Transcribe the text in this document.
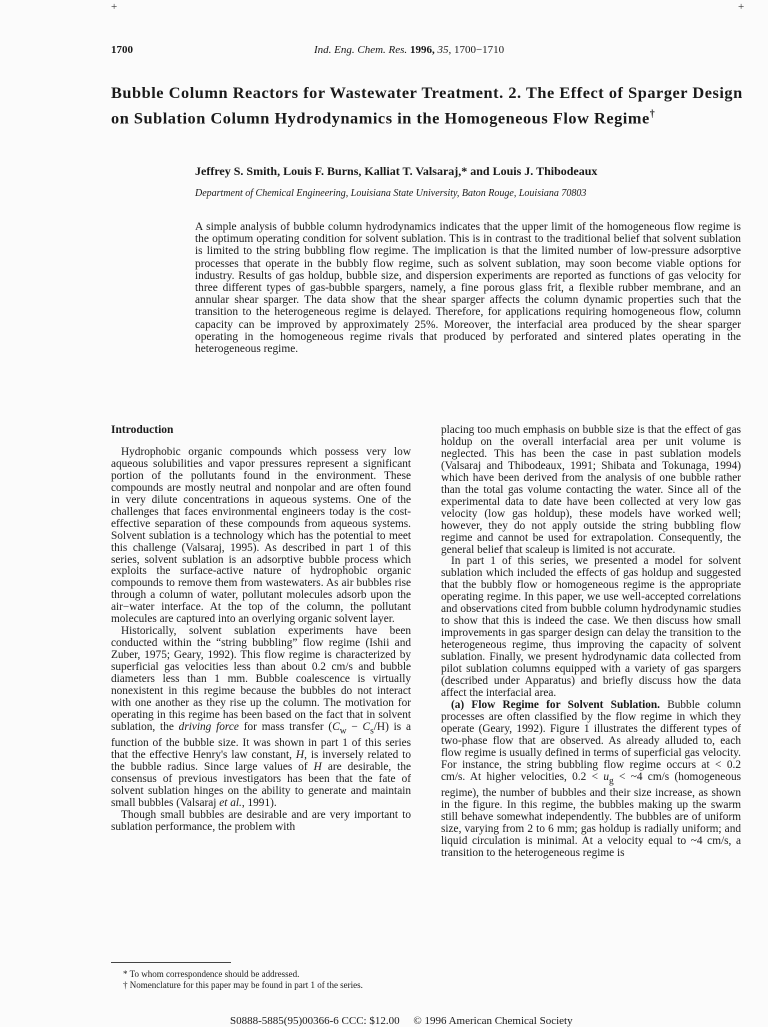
+	+
1700	Ind. Eng. Chem. Res. 1996, 35, 1700−1710
Bubble Column Reactors for Wastewater Treatment. 2. The Effect of Sparger Design on Sublation Column Hydrodynamics in the Homogeneous Flow Regime†
Jeffrey S. Smith, Louis F. Burns, Kalliat T. Valsaraj,* and Louis J. Thibodeaux
Department of Chemical Engineering, Louisiana State University, Baton Rouge, Louisiana 70803

A simple analysis of bubble column hydrodynamics indicates that the upper limit of the homogeneous flow regime is the optimum operating condition for solvent sublation. This is in contrast to the traditional belief that solvent sublation is limited to the string bubbling flow regime. The implication is that the limited number of low-pressure adsorptive processes that operate in the bubbly flow regime, such as solvent sublation, may soon become viable options for industry. Results of gas holdup, bubble size, and dispersion experiments are reported as functions of gas velocity for three different types of gas-bubble spargers, namely, a fine porous glass frit, a flexible rubber membrane, and an annular shear sparger. The data show that the shear sparger affects the column dynamic properties such that the transition to the heterogeneous regime is delayed. Therefore, for applications requiring homogeneous flow, column capacity can be improved by approximately 25%. Moreover, the interfacial area produced by the shear sparger operating in the homogeneous regime rivals that produced by perforated and sintered plates operating in the heterogeneous regime.

Introduction

Hydrophobic organic compounds which possess very low aqueous solubilities and vapor pressures represent a significant portion of the pollutants found in the environment. These compounds are mostly neutral and nonpolar and are often found in very dilute concentrations in aqueous systems. One of the challenges that faces environmental engineers today is the cost-effective separation of these compounds from aqueous systems. Solvent sublation is a technology which has the potential to meet this challenge (Valsaraj, 1995). As described in part 1 of this series, solvent sublation is an adsorptive bubble process which exploits the surface-active nature of hydrophobic organic compounds to remove them from wastewaters. As air bubbles rise through a column of water, pollutant molecules adsorb upon the air−water interface. At the top of the column, the pollutant molecules are captured into an overlying organic solvent layer.

Historically, solvent sublation experiments have been conducted within the “string bubbling” flow regime (Ishii and Zuber, 1975; Geary, 1992). This flow regime is characterized by superficial gas velocities less than about 0.2 cm/s and bubble diameters less than 1 mm. Bubble coalescence is virtually nonexistent in this regime because the bubbles do not interact with one another as they rise up the column. The motivation for operating in this regime has been based on the fact that in solvent sublation, the driving force for mass transfer $(C_w - C_s/H)$ is a function of the bubble size. It was shown in part 1 of this series that the effective Henry's law constant, H, is inversely related to the bubble radius. Since large values of H are desirable, the consensus of previous investigators has been that the fate of solvent sublation hinges on the ability to generate and maintain small bubbles (Valsaraj et al., 1991).

Though small bubbles are desirable and are very important to sublation performance, the problem with

placing too much emphasis on bubble size is that the effect of gas holdup on the overall interfacial area per unit volume is neglected. This has been the case in past sublation models (Valsaraj and Thibodeaux, 1991; Shibata and Tokunaga, 1994) which have been derived from the analysis of one bubble rather than the total gas volume contacting the water. Since all of the experimental data to date have been collected at very low gas velocity (low gas holdup), these models have worked well; however, they do not apply outside the string bubbling flow regime and cannot be used for extrapolation. Consequently, the general belief that scaleup is limited is not accurate.

In part 1 of this series, we presented a model for solvent sublation which included the effects of gas holdup and suggested that the bubbly flow or homogeneous regime is the appropriate operating regime. In this paper, we use well-accepted correlations and observations cited from bubble column hydrodynamic studies to show that this is indeed the case. We then discuss how small improvements in gas sparger design can delay the transition to the heterogeneous regime, thus improving the capacity of solvent sublation. Finally, we present hydrodynamic data collected from pilot sublation columns equipped with a variety of gas spargers (described under Apparatus) and briefly discuss how the data affect the interfacial area.

(a) Flow Regime for Solvent Sublation. Bubble column processes are often classified by the flow regime in which they operate (Geary, 1992). Figure 1 illustrates the different types of two-phase flow that are observed. As already alluded to, each flow regime is usually defined in terms of superficial gas velocity. For instance, the string bubbling flow regime occurs at < 0.2 cm/s. At higher velocities, $0.2 < u_g$ < ~4 cm/s (homogeneous regime), the number of bubbles and their size increase, as shown in the figure. In this regime, the bubbles making up the swarm still behave somewhat independently. The bubbles are of uniform size, varying from 2 to 6 mm; gas holdup is radially uniform; and liquid circulation is minimal. At a velocity equal to ~4 cm/s, a transition to the heterogeneous regime is

* To whom correspondence should be addressed.

† Nomenclature for this paper may be found in part 1 of the series.

S0888-5885(95)00366-6 CCC: $12.00 © 1996 American Chemical Society
